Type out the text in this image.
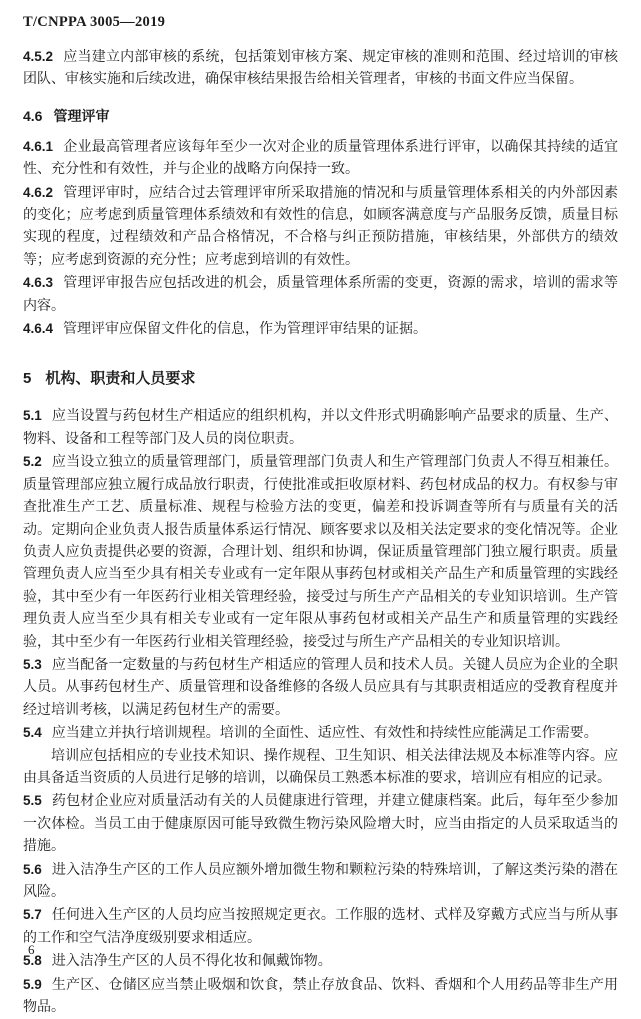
T/CNPPA 3005—2019

4.5.2 应当建立内部审核的系统，包括策划审核方案、规定审核的准则和范围、经过培训的审核团队、审核实施和后续改进，确保审核结果报告给相关管理者，审核的书面文件应当保留。

4.6 管理评审

4.6.1 企业最高管理者应该每年至少一次对企业的质量管理体系进行评审，以确保其持续的适宜性、充分性和有效性，并与企业的战略方向保持一致。

4.6.2 管理评审时，应结合过去管理评审所采取措施的情况和与质量管理体系相关的内外部因素的变化；应考虑到质量管理体系绩效和有效性的信息，如顾客满意度与产品服务反馈，质量目标实现的程度，过程绩效和产品合格情况，不合格与纠正预防措施，审核结果，外部供方的绩效等；应考虑到资源的充分性；应考虑到培训的有效性。

4.6.3 管理评审报告应包括改进的机会，质量管理体系所需的变更，资源的需求，培训的需求等内容。

4.6.4 管理评审应保留文件化的信息，作为管理评审结果的证据。

5 机构、职责和人员要求

5.1 应当设置与药包材生产相适应的组织机构，并以文件形式明确影响产品要求的质量、生产、物料、设备和工程等部门及人员的岗位职责。

5.2 应当设立独立的质量管理部门，质量管理部门负责人和生产管理部门负责人不得互相兼任。质量管理部应独立履行成品放行职责，行使批准或拒收原材料、药包材成品的权力。有权参与审查批准生产工艺、质量标准、规程与检验方法的变更，偏差和投诉调查等所有与质量有关的活动。定期向企业负责人报告质量体系运行情况、顾客要求以及相关法定要求的变化情况等。企业负责人应负责提供必要的资源，合理计划、组织和协调，保证质量管理部门独立履行职责。质量管理负责人应当至少具有相关专业或有一定年限从事药包材或相关产品生产和质量管理的实践经验，其中至少有一年医药行业相关管理经验，接受过与所生产产品相关的专业知识培训。生产管理负责人应当至少具有相关专业或有一定年限从事药包材或相关产品生产和质量管理的实践经验，其中至少有一年医药行业相关管理经验，接受过与所生产产品相关的专业知识培训。

5.3 应当配备一定数量的与药包材生产相适应的管理人员和技术人员。关键人员应为企业的全职人员。从事药包材生产、质量管理和设备维修的各级人员应具有与其职责相适应的受教育程度并经过培训考核，以满足药包材生产的需要。

5.4 应当建立并执行培训规程。培训的全面性、适应性、有效性和持续性应能满足工作需要。

培训应包括相应的专业技术知识、操作规程、卫生知识、相关法律法规及本标准等内容。应由具备适当资质的人员进行足够的培训，以确保员工熟悉本标准的要求，培训应有相应的记录。

5.5 药包材企业应对质量活动有关的人员健康进行管理，并建立健康档案。此后，每年至少参加一次体检。当员工由于健康原因可能导致微生物污染风险增大时，应当由指定的人员采取适当的措施。

5.6 进入洁净生产区的工作人员应额外增加微生物和颗粒污染的特殊培训，了解这类污染的潜在风险。

5.7 任何进入生产区的人员均应当按照规定更衣。工作服的选材、式样及穿戴方式应当与所从事的工作和空气洁净度级别要求相适应。

5.8 进入洁净生产区的人员不得化妆和佩戴饰物。

5.9 生产区、仓储区应当禁止吸烟和饮食，禁止存放食品、饮料、香烟和个人用药品等非生产用物品。

6
